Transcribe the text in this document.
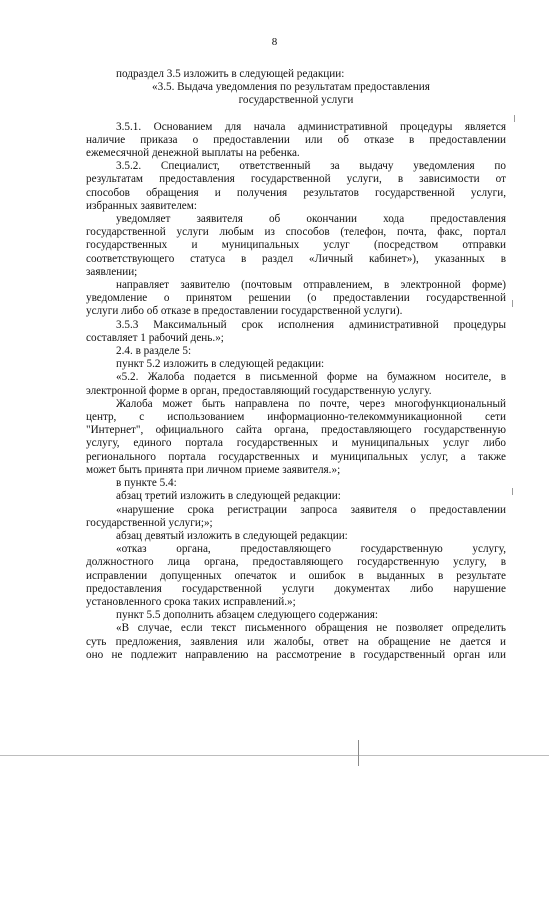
8
подраздел 3.5 изложить в следующей редакции:
«3.5. Выдача уведомления по результатам предоставления
государственной услуги
3.5.1. Основанием для начала административной процедуры является
наличие приказа о предоставлении или об отказе в предоставлении
ежемесячной денежной выплаты на ребенка.
3.5.2. Специалист, ответственный за выдачу уведомления по
результатам предоставления государственной услуги, в зависимости от
способов обращения и получения результатов государственной услуги,
избранных заявителем:
уведомляет заявителя об окончании хода предоставления
государственной услуги любым из способов (телефон, почта, факс, портал
государственных и муниципальных услуг (посредством отправки
соответствующего статуса в раздел «Личный кабинет»), указанных в
заявлении;
направляет заявителю (почтовым отправлением, в электронной форме)
уведомление о принятом решении (о предоставлении государственной
услуги либо об отказе в предоставлении государственной услуги).
3.5.3 Максимальный срок исполнения административной процедуры
составляет 1 рабочий день.»;
2.4. в разделе 5:
пункт 5.2 изложить в следующей редакции:
«5.2. Жалоба подается в письменной форме на бумажном носителе, в
электронной форме в орган, предоставляющий государственную услугу.
Жалоба может быть направлена по почте, через многофункциональный
центр, с использованием информационно-телекоммуникационной сети
"Интернет", официального сайта органа, предоставляющего государственную
услугу, единого портала государственных и муниципальных услуг либо
регионального портала государственных и муниципальных услуг, а также
может быть принята при личном приеме заявителя.»;
в пункте 5.4:
абзац третий изложить в следующей редакции:
«нарушение срока регистрации запроса заявителя о предоставлении
государственной услуги;»;
абзац девятый изложить в следующей редакции:
«отказ органа, предоставляющего государственную услугу,
должностного лица органа, предоставляющего государственную услугу, в
исправлении допущенных опечаток и ошибок в выданных в результате
предоставления государственной услуги документах либо нарушение
установленного срока таких исправлений.»;
пункт 5.5 дополнить абзацем следующего содержания:
«В случае, если текст письменного обращения не позволяет определить
суть предложения, заявления или жалобы, ответ на обращение не дается и
оно не подлежит направлению на рассмотрение в государственный орган или
